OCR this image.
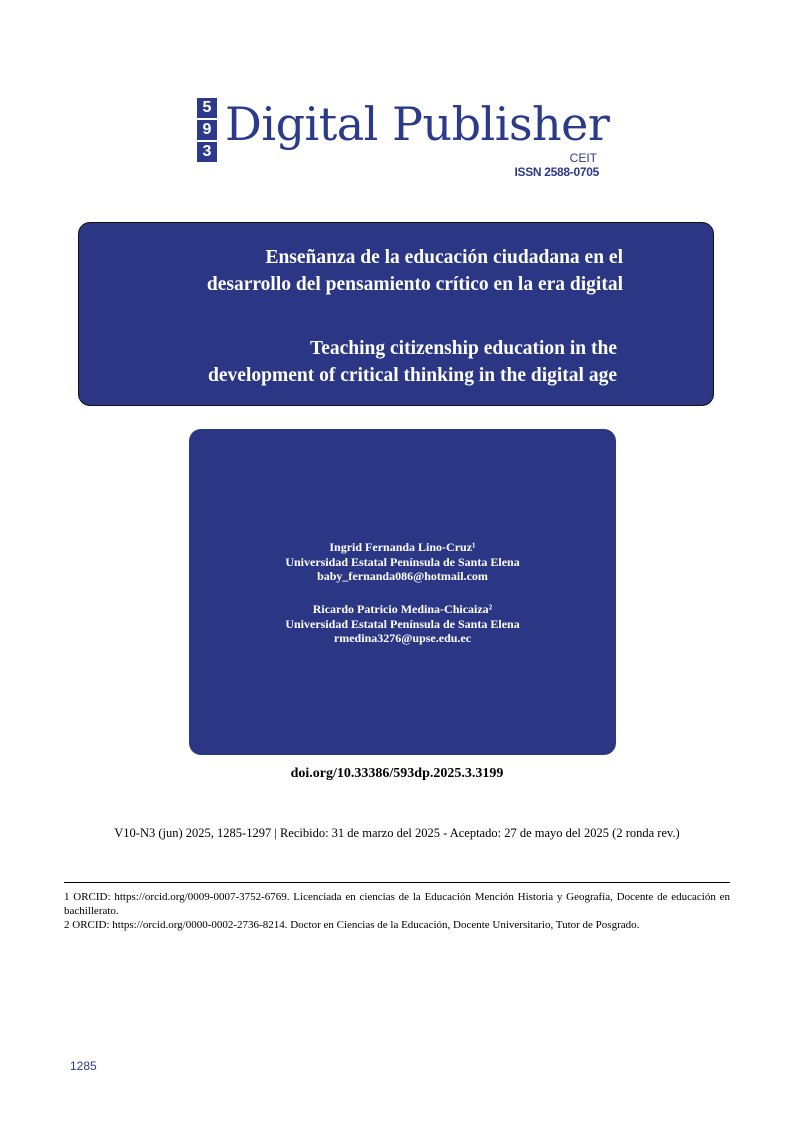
5
9
3
Digital Publisher
CEIT
ISSN 2588-0705
Enseñanza de la educación ciudadana en el
desarrollo del pensamiento crítico en la era digital
Teaching citizenship education in the
development of critical thinking in the digital age
Ingrid Fernanda Lino-Cruz¹
Universidad Estatal Península de Santa Elena
baby_fernanda086@hotmail.com
Ricardo Patricio Medina-Chicaiza²
Universidad Estatal Península de Santa Elena
rmedina3276@upse.edu.ec
doi.org/10.33386/593dp.2025.3.3199
V10-N3 (jun) 2025, 1285-1297 | Recibido: 31 de marzo del 2025 - Aceptado: 27 de mayo del 2025 (2 ronda rev.)

1 ORCID: https://orcid.org/0009-0007-3752-6769. Licenciada en ciencias de la Educación Mención Historia y Geografía, Docente de educación en bachillerato.

2 ORCID: https://orcid.org/0000-0002-2736-8214. Doctor en Ciencias de la Educación, Docente Universitario, Tutor de Posgrado.

1285
